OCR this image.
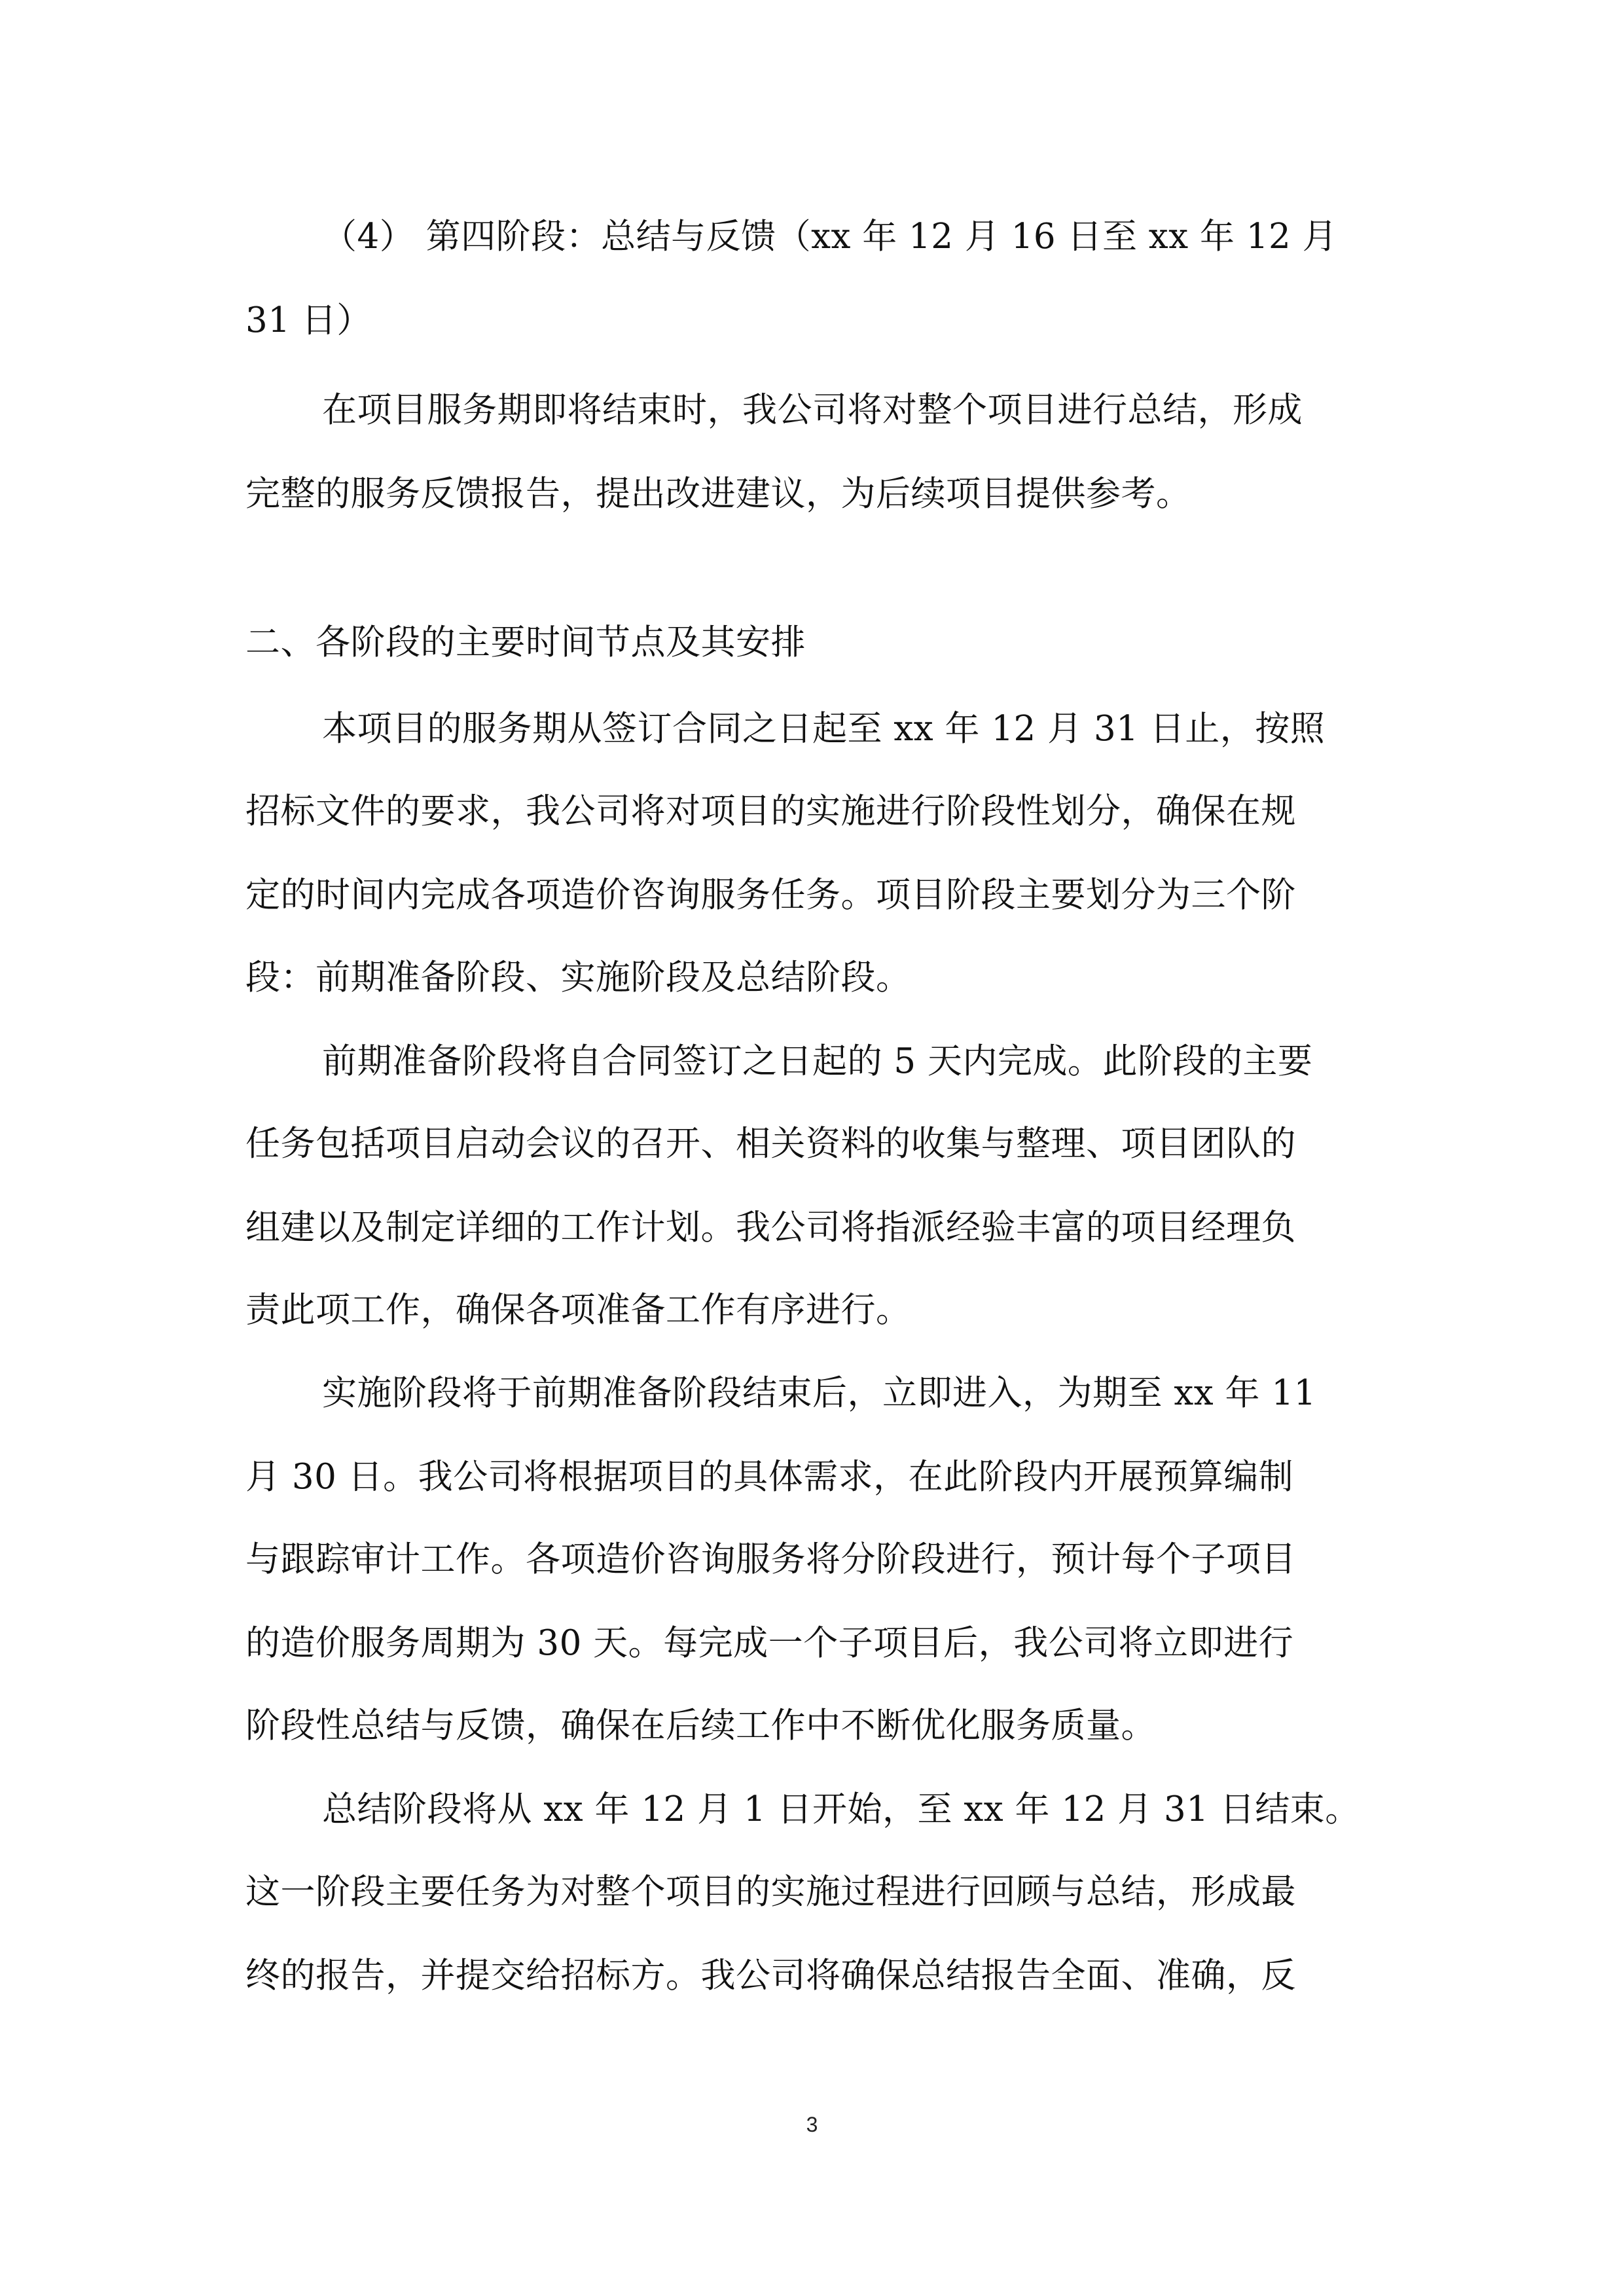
（4） 第四阶段：总结与反馈（xx 年 12 月 16 日至 xx 年 12 月
31 日）
在项目服务期即将结束时，我公司将对整个项目进行总结，形成
完整的服务反馈报告，提出改进建议，为后续项目提供参考。
二、各阶段的主要时间节点及其安排
本项目的服务期从签订合同之日起至 xx 年 12 月 31 日止，按照
招标文件的要求，我公司将对项目的实施进行阶段性划分，确保在规
定的时间内完成各项造价咨询服务任务。项目阶段主要划分为三个阶
段：前期准备阶段、实施阶段及总结阶段。
前期准备阶段将自合同签订之日起的 5 天内完成。此阶段的主要
任务包括项目启动会议的召开、相关资料的收集与整理、项目团队的
组建以及制定详细的工作计划。我公司将指派经验丰富的项目经理负
责此项工作，确保各项准备工作有序进行。
实施阶段将于前期准备阶段结束后，立即进入，为期至 xx 年 11
月 30 日。我公司将根据项目的具体需求，在此阶段内开展预算编制
与跟踪审计工作。各项造价咨询服务将分阶段进行，预计每个子项目
的造价服务周期为 30 天。每完成一个子项目后，我公司将立即进行
阶段性总结与反馈，确保在后续工作中不断优化服务质量。
总结阶段将从 xx 年 12 月 1 日开始，至 xx 年 12 月 31 日结束。
这一阶段主要任务为对整个项目的实施过程进行回顾与总结，形成最
终的报告，并提交给招标方。我公司将确保总结报告全面、准确，反
3
